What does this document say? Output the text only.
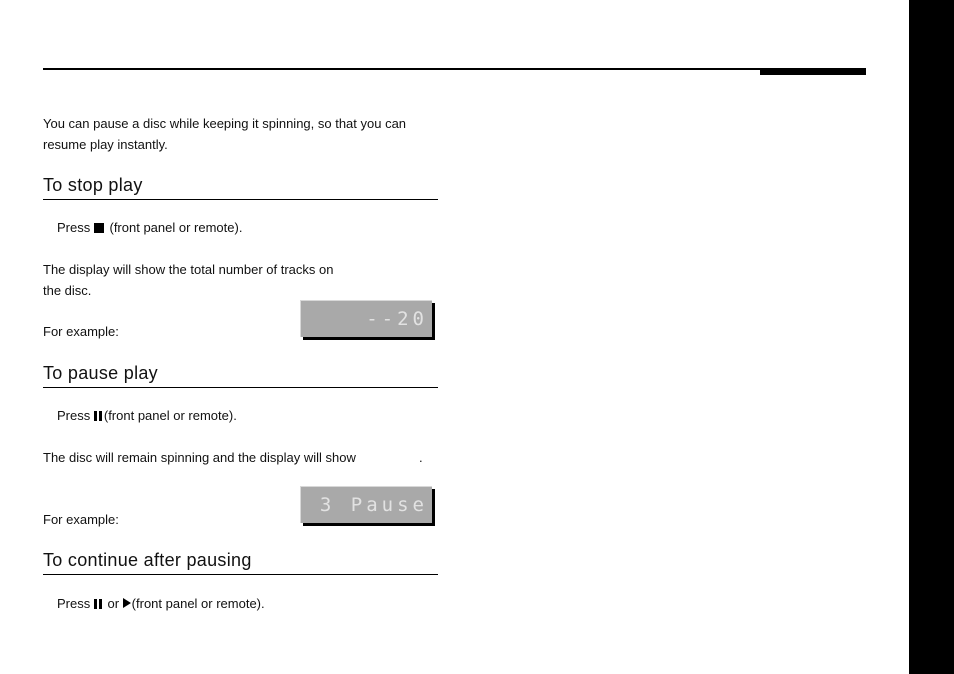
You can pause a disc while keeping it spinning, so that you can
resume play instantly.
To stop play
Press (front panel or remote).
The display will show the total number of tracks on
the disc.
For example:
--20
To pause play
Press (front panel or remote).
The disc will remain spinning and the display will show	.
For example:
3 Pause
To continue after pausing
Press or (front panel or remote).
